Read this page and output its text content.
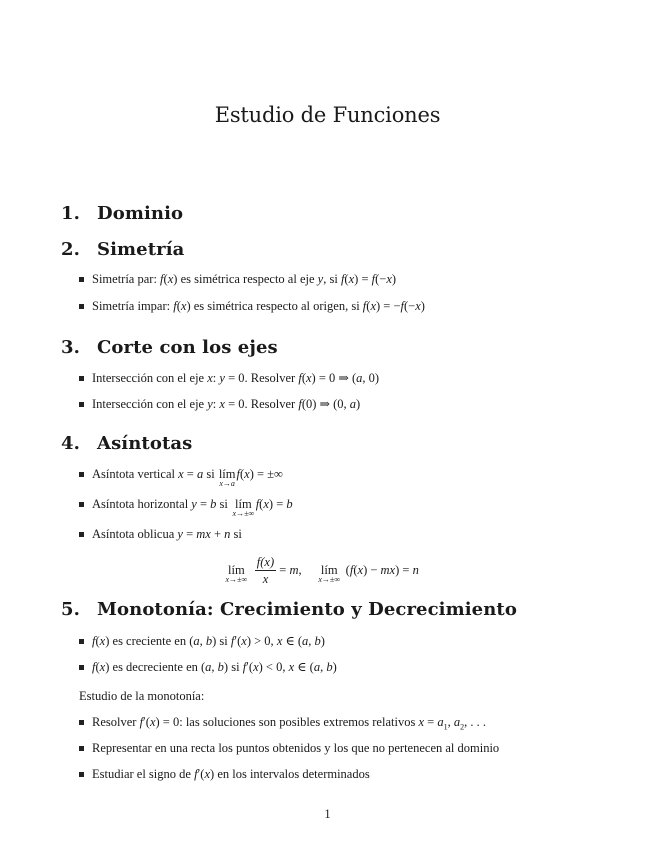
Estudio de Funciones
1. Dominio
2. Simetría
Simetría par: f(x) es simétrica respecto al eje y, si f(x) = f(−x)
Simetría impar: f(x) es simétrica respecto al origen, si f(x) = −f(−x)
3. Corte con los ejes
Intersección con el eje x: y = 0. Resolver f(x) = 0 ⇒ (a, 0)
Intersección con el eje y: x = 0. Resolver f(0) ⇒ (0, a)
4. Asíntotas
Asíntota vertical x = a si lím
x→a
f(x) = ±∞
Asíntota horizontal y = b si lím
x→±∞
f(x) = b
Asíntota oblicua y = mx + n si
lím
x→±∞
$\frac{f(x)}{x} = m$, lím
x→±∞
(f(x) − mx) = n
5. Monotonía: Crecimiento y Decrecimiento
f(x) es creciente en (a, b) si f′(x) > 0, x ∈ (a, b)
f(x) es decreciente en (a, b) si f′(x) < 0, x ∈ (a, b)
Estudio de la monotonía:
Resolver f′(x) = 0: las soluciones son posibles extremos relativos $x = a_1$, $a_2$, . . .
Representar en una recta los puntos obtenidos y los que no pertenecen al dominio
Estudiar el signo de f′(x) en los intervalos determinados
1
